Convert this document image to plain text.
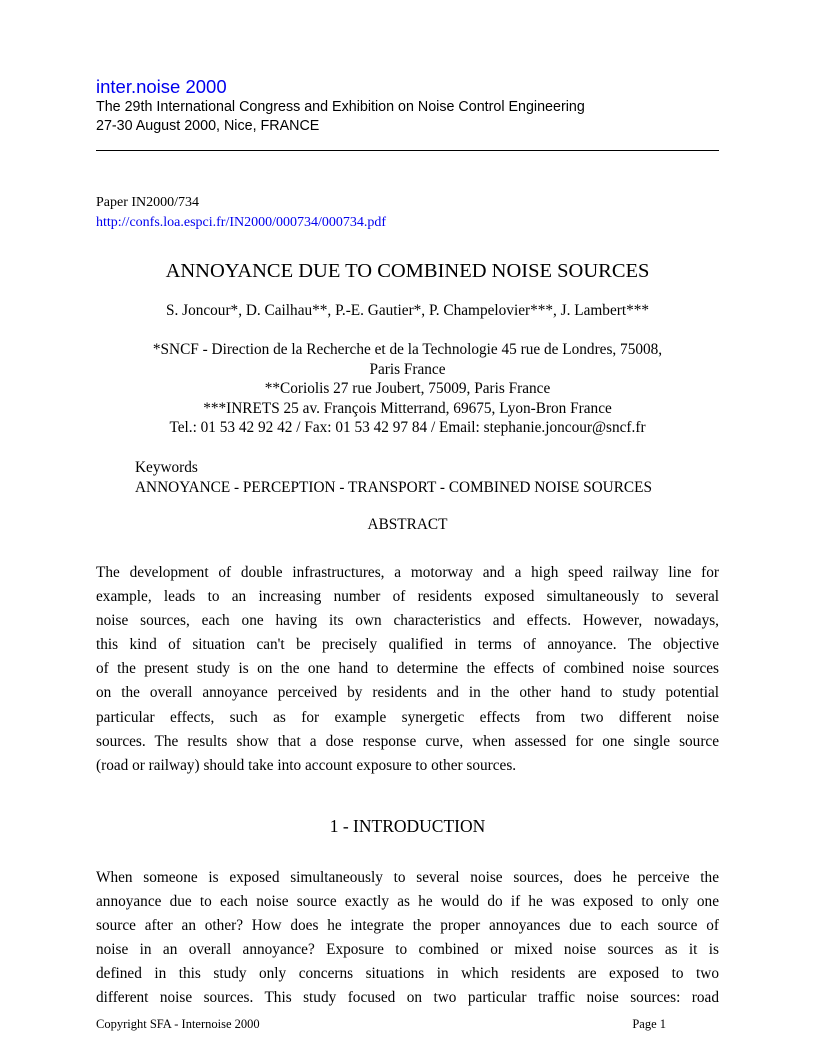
inter.noise 2000
The 29th International Congress and Exhibition on Noise Control Engineering
27-30 August 2000, Nice, FRANCE
Paper IN2000/734
http://confs.loa.espci.fr/IN2000/000734/000734.pdf
ANNOYANCE DUE TO COMBINED NOISE SOURCES
S. Joncour*, D. Cailhau**, P.-E. Gautier*, P. Champelovier***, J. Lambert***
*SNCF - Direction de la Recherche et de la Technologie 45 rue de Londres, 75008,
Paris France
**Coriolis 27 rue Joubert, 75009, Paris France
***INRETS 25 av. François Mitterrand, 69675, Lyon-Bron France
Tel.: 01 53 42 92 42 / Fax: 01 53 42 97 84 / Email: stephanie.joncour@sncf.fr
Keywords
ANNOYANCE - PERCEPTION - TRANSPORT - COMBINED NOISE SOURCES
ABSTRACT
The development of double infrastructures, a motorway and a high speed railway line for
example, leads to an increasing number of residents exposed simultaneously to several
noise sources, each one having its own characteristics and effects. However, nowadays,
this kind of situation can't be precisely qualified in terms of annoyance. The objective
of the present study is on the one hand to determine the effects of combined noise sources
on the overall annoyance perceived by residents and in the other hand to study potential
particular effects, such as for example synergetic effects from two different noise
sources. The results show that a dose response curve, when assessed for one single source
(road or railway) should take into account exposure to other sources.
1 - INTRODUCTION
When someone is exposed simultaneously to several noise sources, does he perceive the
annoyance due to each noise source exactly as he would do if he was exposed to only one
source after an other? How does he integrate the proper annoyances due to each source of
noise in an overall annoyance? Exposure to combined or mixed noise sources as it is
defined in this study only concerns situations in which residents are exposed to two
different noise sources. This study focused on two particular traffic noise sources: road
Copyright SFA - Internoise 2000	Page 1
